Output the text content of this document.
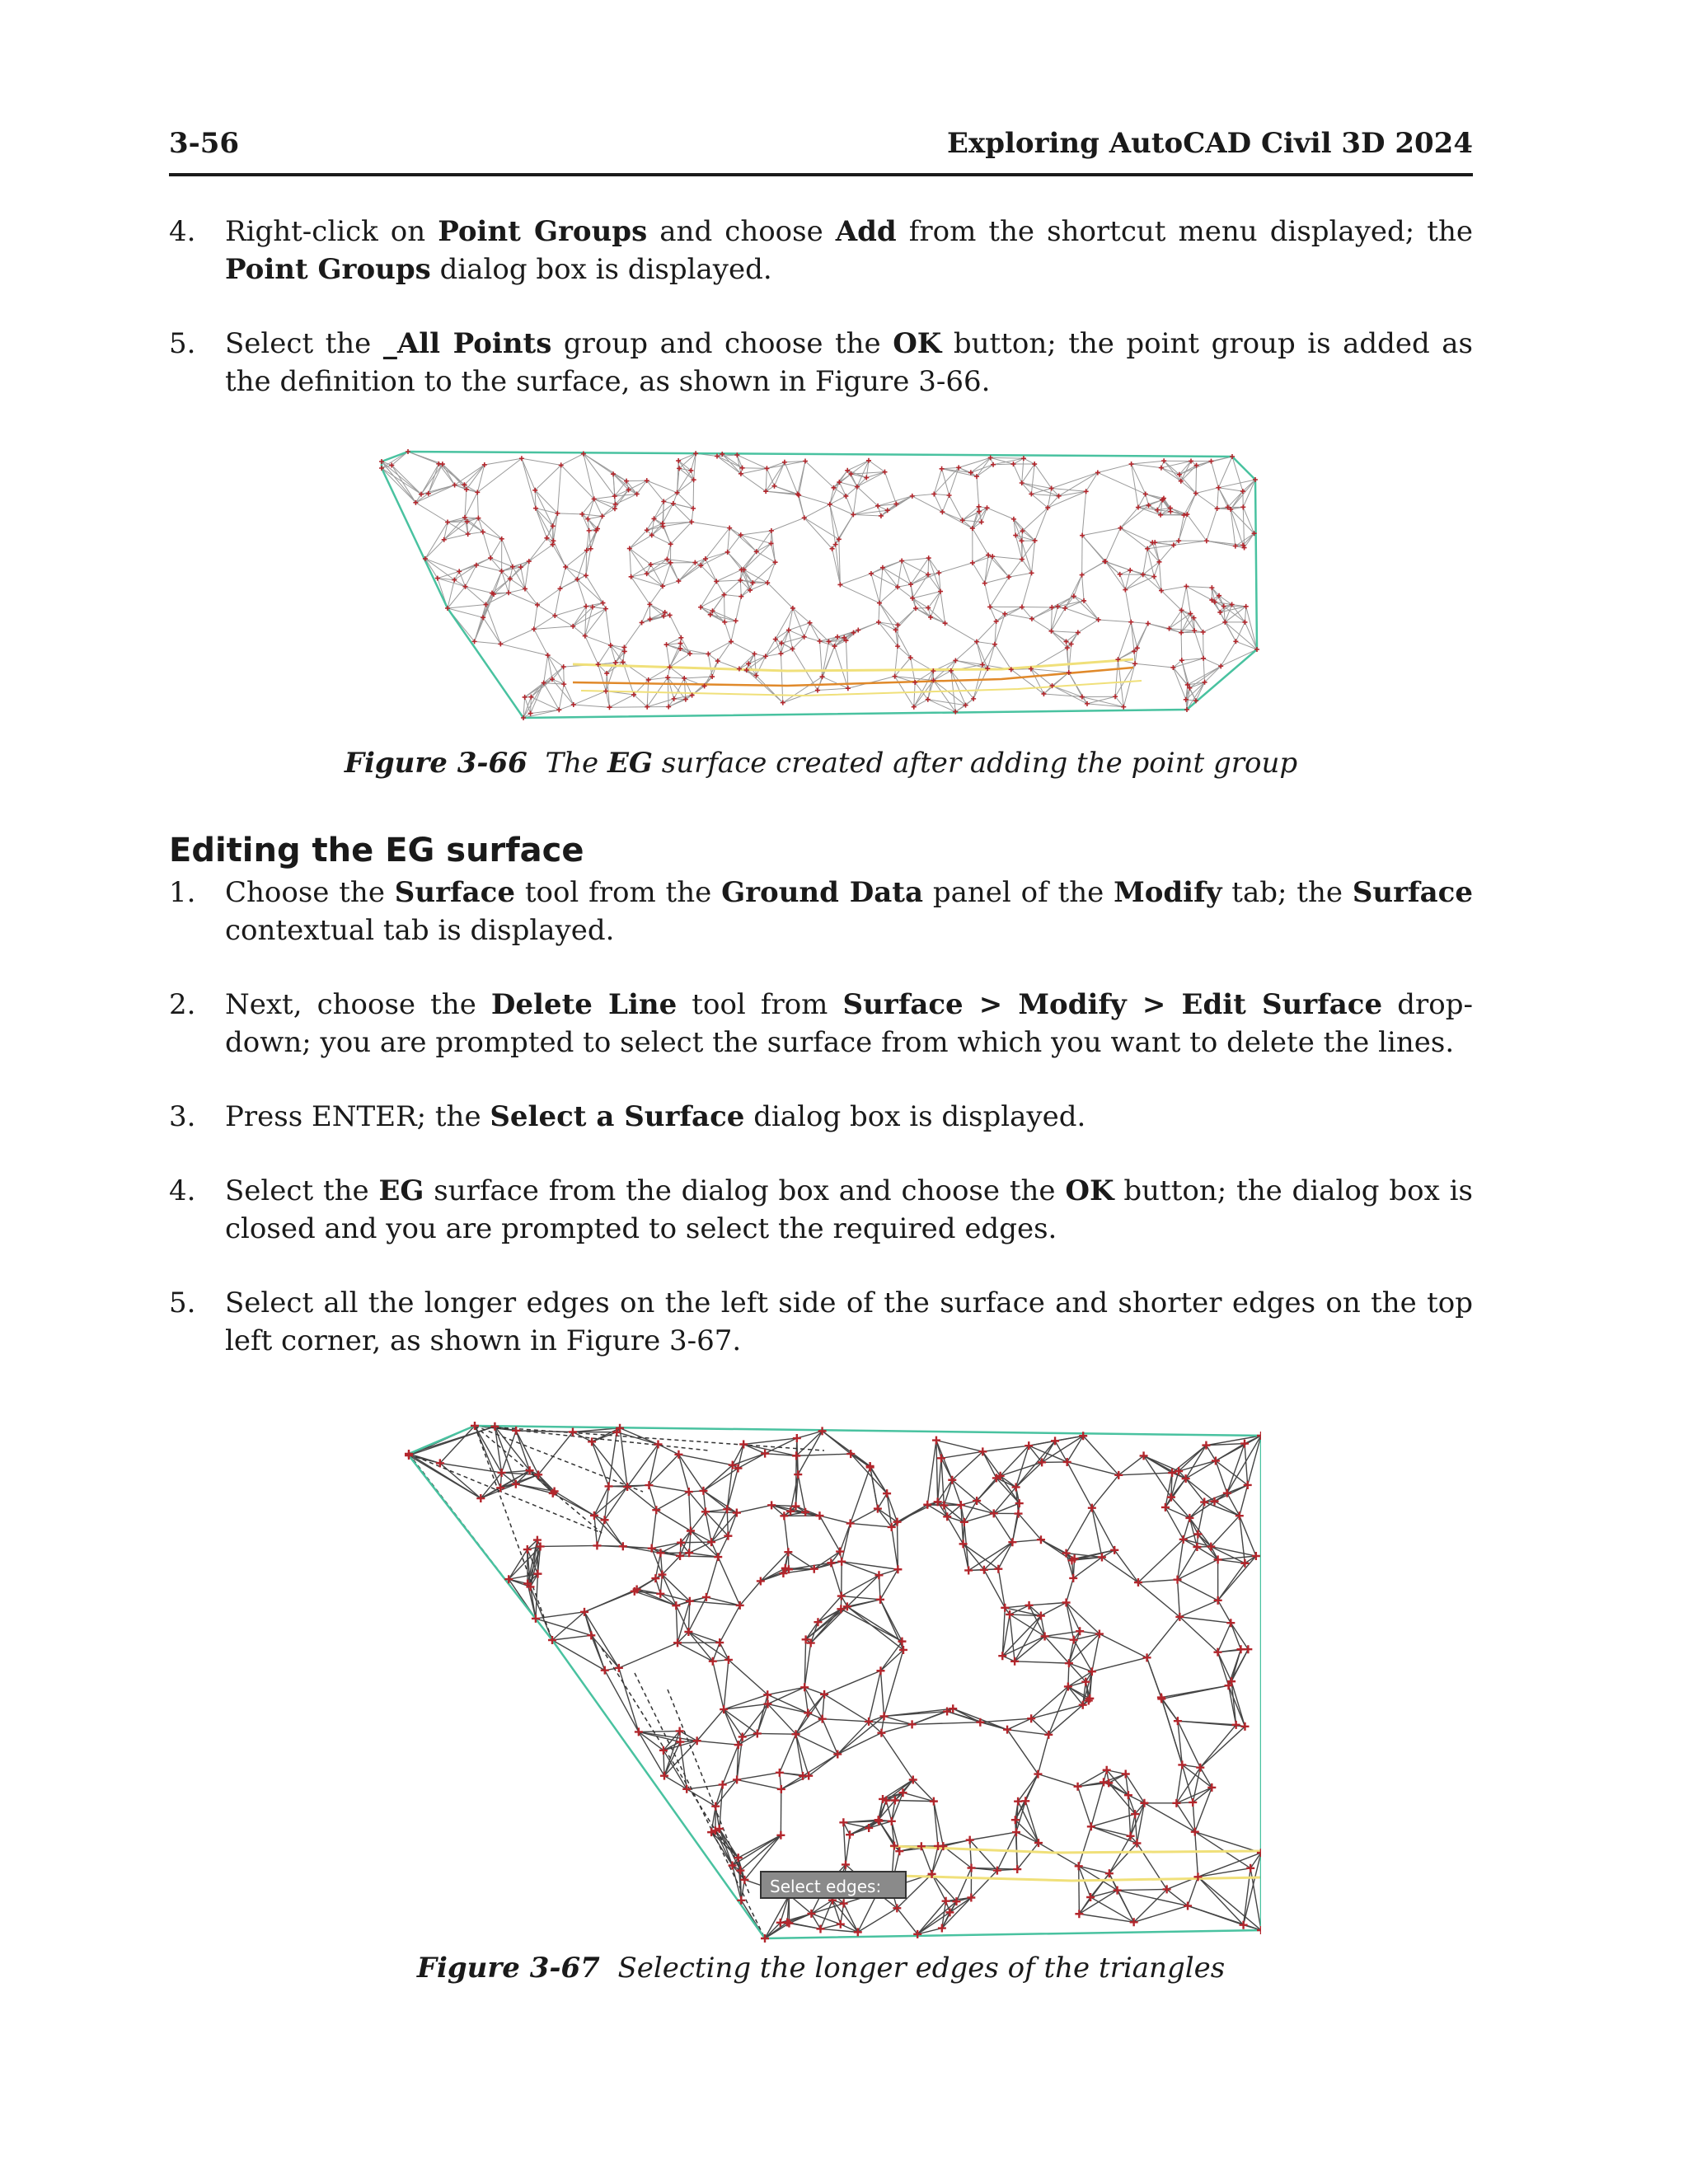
3-56	Exploring AutoCAD Civil 3D 2024
4. Right-click on Point Groups and choose Add from the shortcut menu displayed; the Point Groups dialog box is displayed.
5. Select the _All Points group and choose the OK button; the point group is added as the definition to the surface, as shown in Figure 3-66.
Figure 3-66 The EG surface created after adding the point group
Editing the EG surface
1. Choose the Surface tool from the Ground Data panel of the Modify tab; the Surface contextual tab is displayed.
2. Next, choose the Delete Line tool from Surface > Modify > Edit Surface drop-down; you are prompted to select the surface from which you want to delete the lines.
3. Press ENTER; the Select a Surface dialog box is displayed.
4. Select the EG surface from the dialog box and choose the OK button; the dialog box is closed and you are prompted to select the required edges.
5. Select all the longer edges on the left side of the surface and shorter edges on the top left corner, as shown in Figure 3-67.
Select edges:
Figure 3-67 Selecting the longer edges of the triangles
